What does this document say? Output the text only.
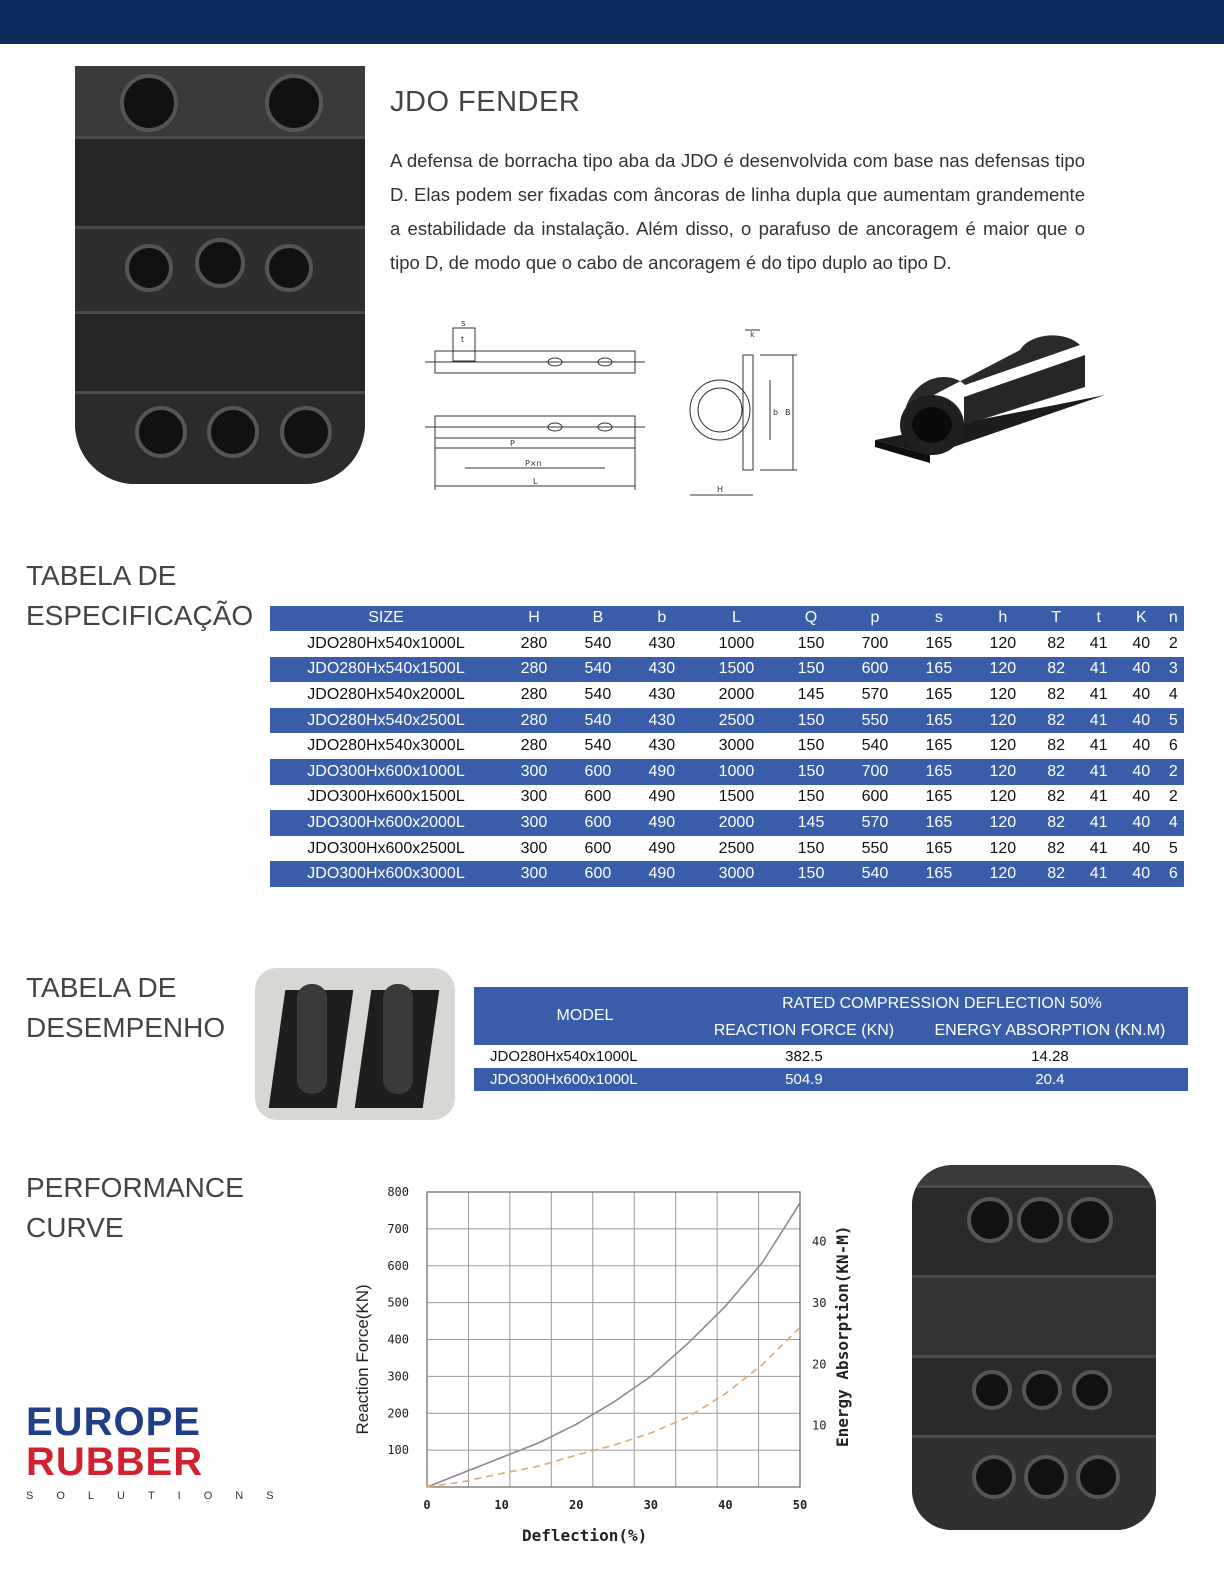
JDO FENDER
A defensa de borracha tipo aba da JDO é desenvolvida com base nas defensas tipo D. Elas podem ser fixadas com âncoras de linha dupla que aumentam grandemente a estabilidade da instalação. Além disso, o parafuso de ancoragem é maior que o tipo D, de modo que o cabo de ancoragem é do tipo duplo ao tipo D.
s
t
P
P×n
L
k
b B
H
TABELA DE
ESPECIFICAÇÃO	SIZE	H	B	b	L	Q	p	s	h	T	t	K	n
JDO280Hx540x1000L	280	540	430	1000	150	700	165	120	82	41	40	2
JDO280Hx540x1500L	280	540	430	1500	150	600	165	120	82	41	40	3
JDO280Hx540x2000L	280	540	430	2000	145	570	165	120	82	41	40	4
JDO280Hx540x2500L	280	540	430	2500	150	550	165	120	82	41	40	5
JDO280Hx540x3000L	280	540	430	3000	150	540	165	120	82	41	40	6
JDO300Hx600x1000L	300	600	490	1000	150	700	165	120	82	41	40	2
JDO300Hx600x1500L	300	600	490	1500	150	600	165	120	82	41	40	2
JDO300Hx600x2000L	300	600	490	2000	145	570	165	120	82	41	40	4
JDO300Hx600x2500L	300	600	490	2500	150	550	165	120	82	41	40	5
JDO300Hx600x3000L	300	600	490	3000	150	540	165	120	82	41	40	6
TABELA DE
DESEMPENHO	MODEL	RATED COMPRESSION DEFLECTION 50%	
	REACTION FORCE (KN)	ENERGY ABSORPTION (KN.M)
JDO280Hx540x1000L	382.5	14.28
JDO300Hx600x1000L	504.9	20.4
PERFORMANCE
CURVE
0	10	20	30	40	50
100
200
300
400
500
600
700
800
10
20
30
40
Deflection(%)
Reaction Force(KN)	Energy Absorption(KN-M)
EUROPE
RUBBER
SOLUTIONS
